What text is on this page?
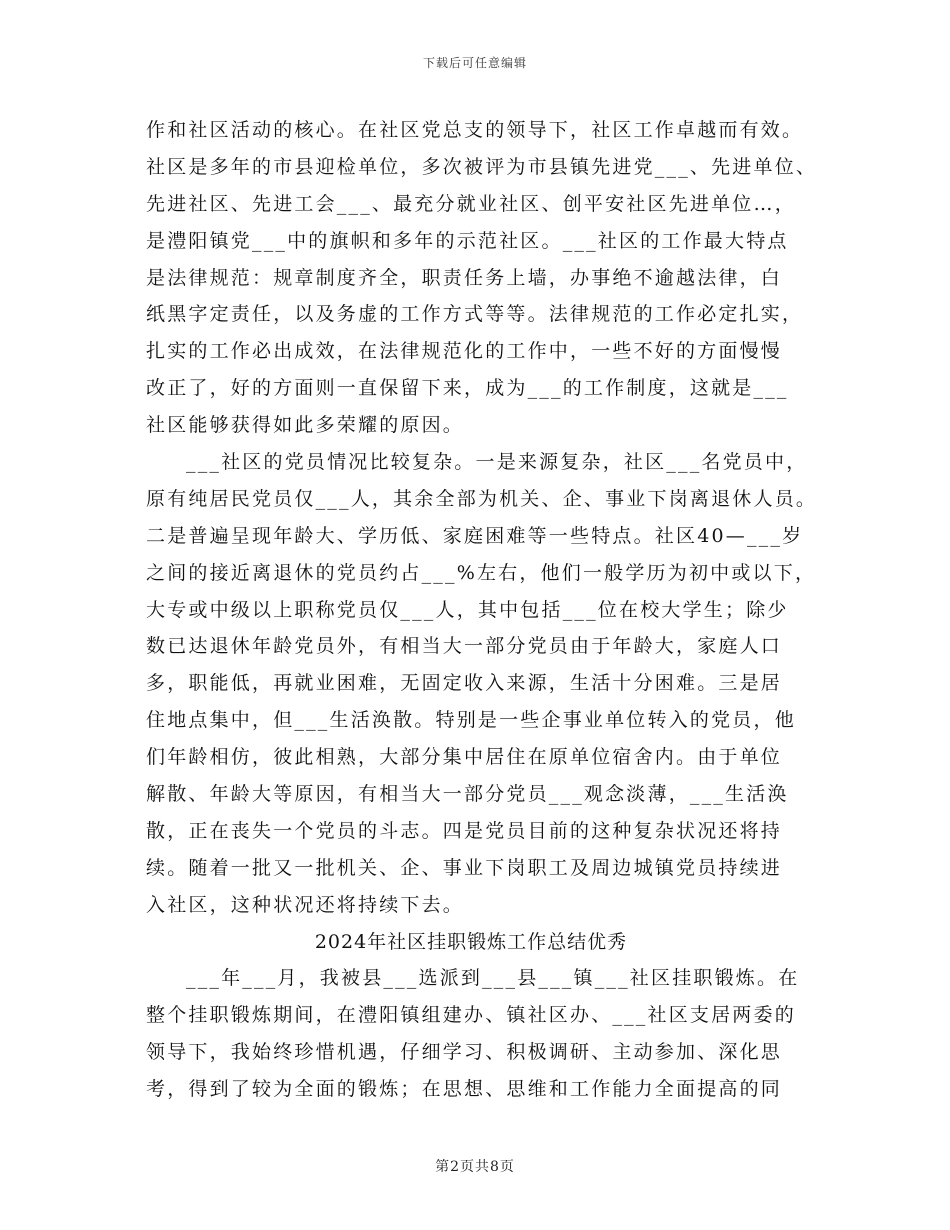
下载后可任意编辑
作和社区活动的核心。在社区党总支的领导下，社区工作卓越而有效。
社区是多年的市县迎检单位，多次被评为市县镇先进党___、先进单位、
先进社区、先进工会___、最充分就业社区、创平安社区先进单位…，
是澧阳镇党___中的旗帜和多年的示范社区。___社区的工作最大特点
是法律规范：规章制度齐全，职责任务上墙，办事绝不逾越法律，白
纸黑字定责任，以及务虚的工作方式等等。法律规范的工作必定扎实，
扎实的工作必出成效，在法律规范化的工作中，一些不好的方面慢慢
改正了，好的方面则一直保留下来，成为___的工作制度，这就是___
社区能够获得如此多荣耀的原因。
___社区的党员情况比较复杂。一是来源复杂，社区___名党员中，
原有纯居民党员仅___人，其余全部为机关、企、事业下岗离退休人员。
二是普遍呈现年龄大、学历低、家庭困难等一些特点。社区40—___岁
之间的接近离退休的党员约占___%左右，他们一般学历为初中或以下，
大专或中级以上职称党员仅___人，其中包括___位在校大学生；除少
数已达退休年龄党员外，有相当大一部分党员由于年龄大，家庭人口
多，职能低，再就业困难，无固定收入来源，生活十分困难。三是居
住地点集中，但___生活涣散。特别是一些企事业单位转入的党员，他
们年龄相仿，彼此相熟，大部分集中居住在原单位宿舍内。由于单位
解散、年龄大等原因，有相当大一部分党员___观念淡薄，___生活涣
散，正在丧失一个党员的斗志。四是党员目前的这种复杂状况还将持
续。随着一批又一批机关、企、事业下岗职工及周边城镇党员持续进
入社区，这种状况还将持续下去。
2024年社区挂职锻炼工作总结优秀
___年___月，我被县___选派到___县___镇___社区挂职锻炼。在
整个挂职锻炼期间，在澧阳镇组建办、镇社区办、___社区支居两委的
领导下，我始终珍惜机遇，仔细学习、积极调研、主动参加、深化思
考，得到了较为全面的锻炼；在思想、思维和工作能力全面提高的同
第2页共8页
